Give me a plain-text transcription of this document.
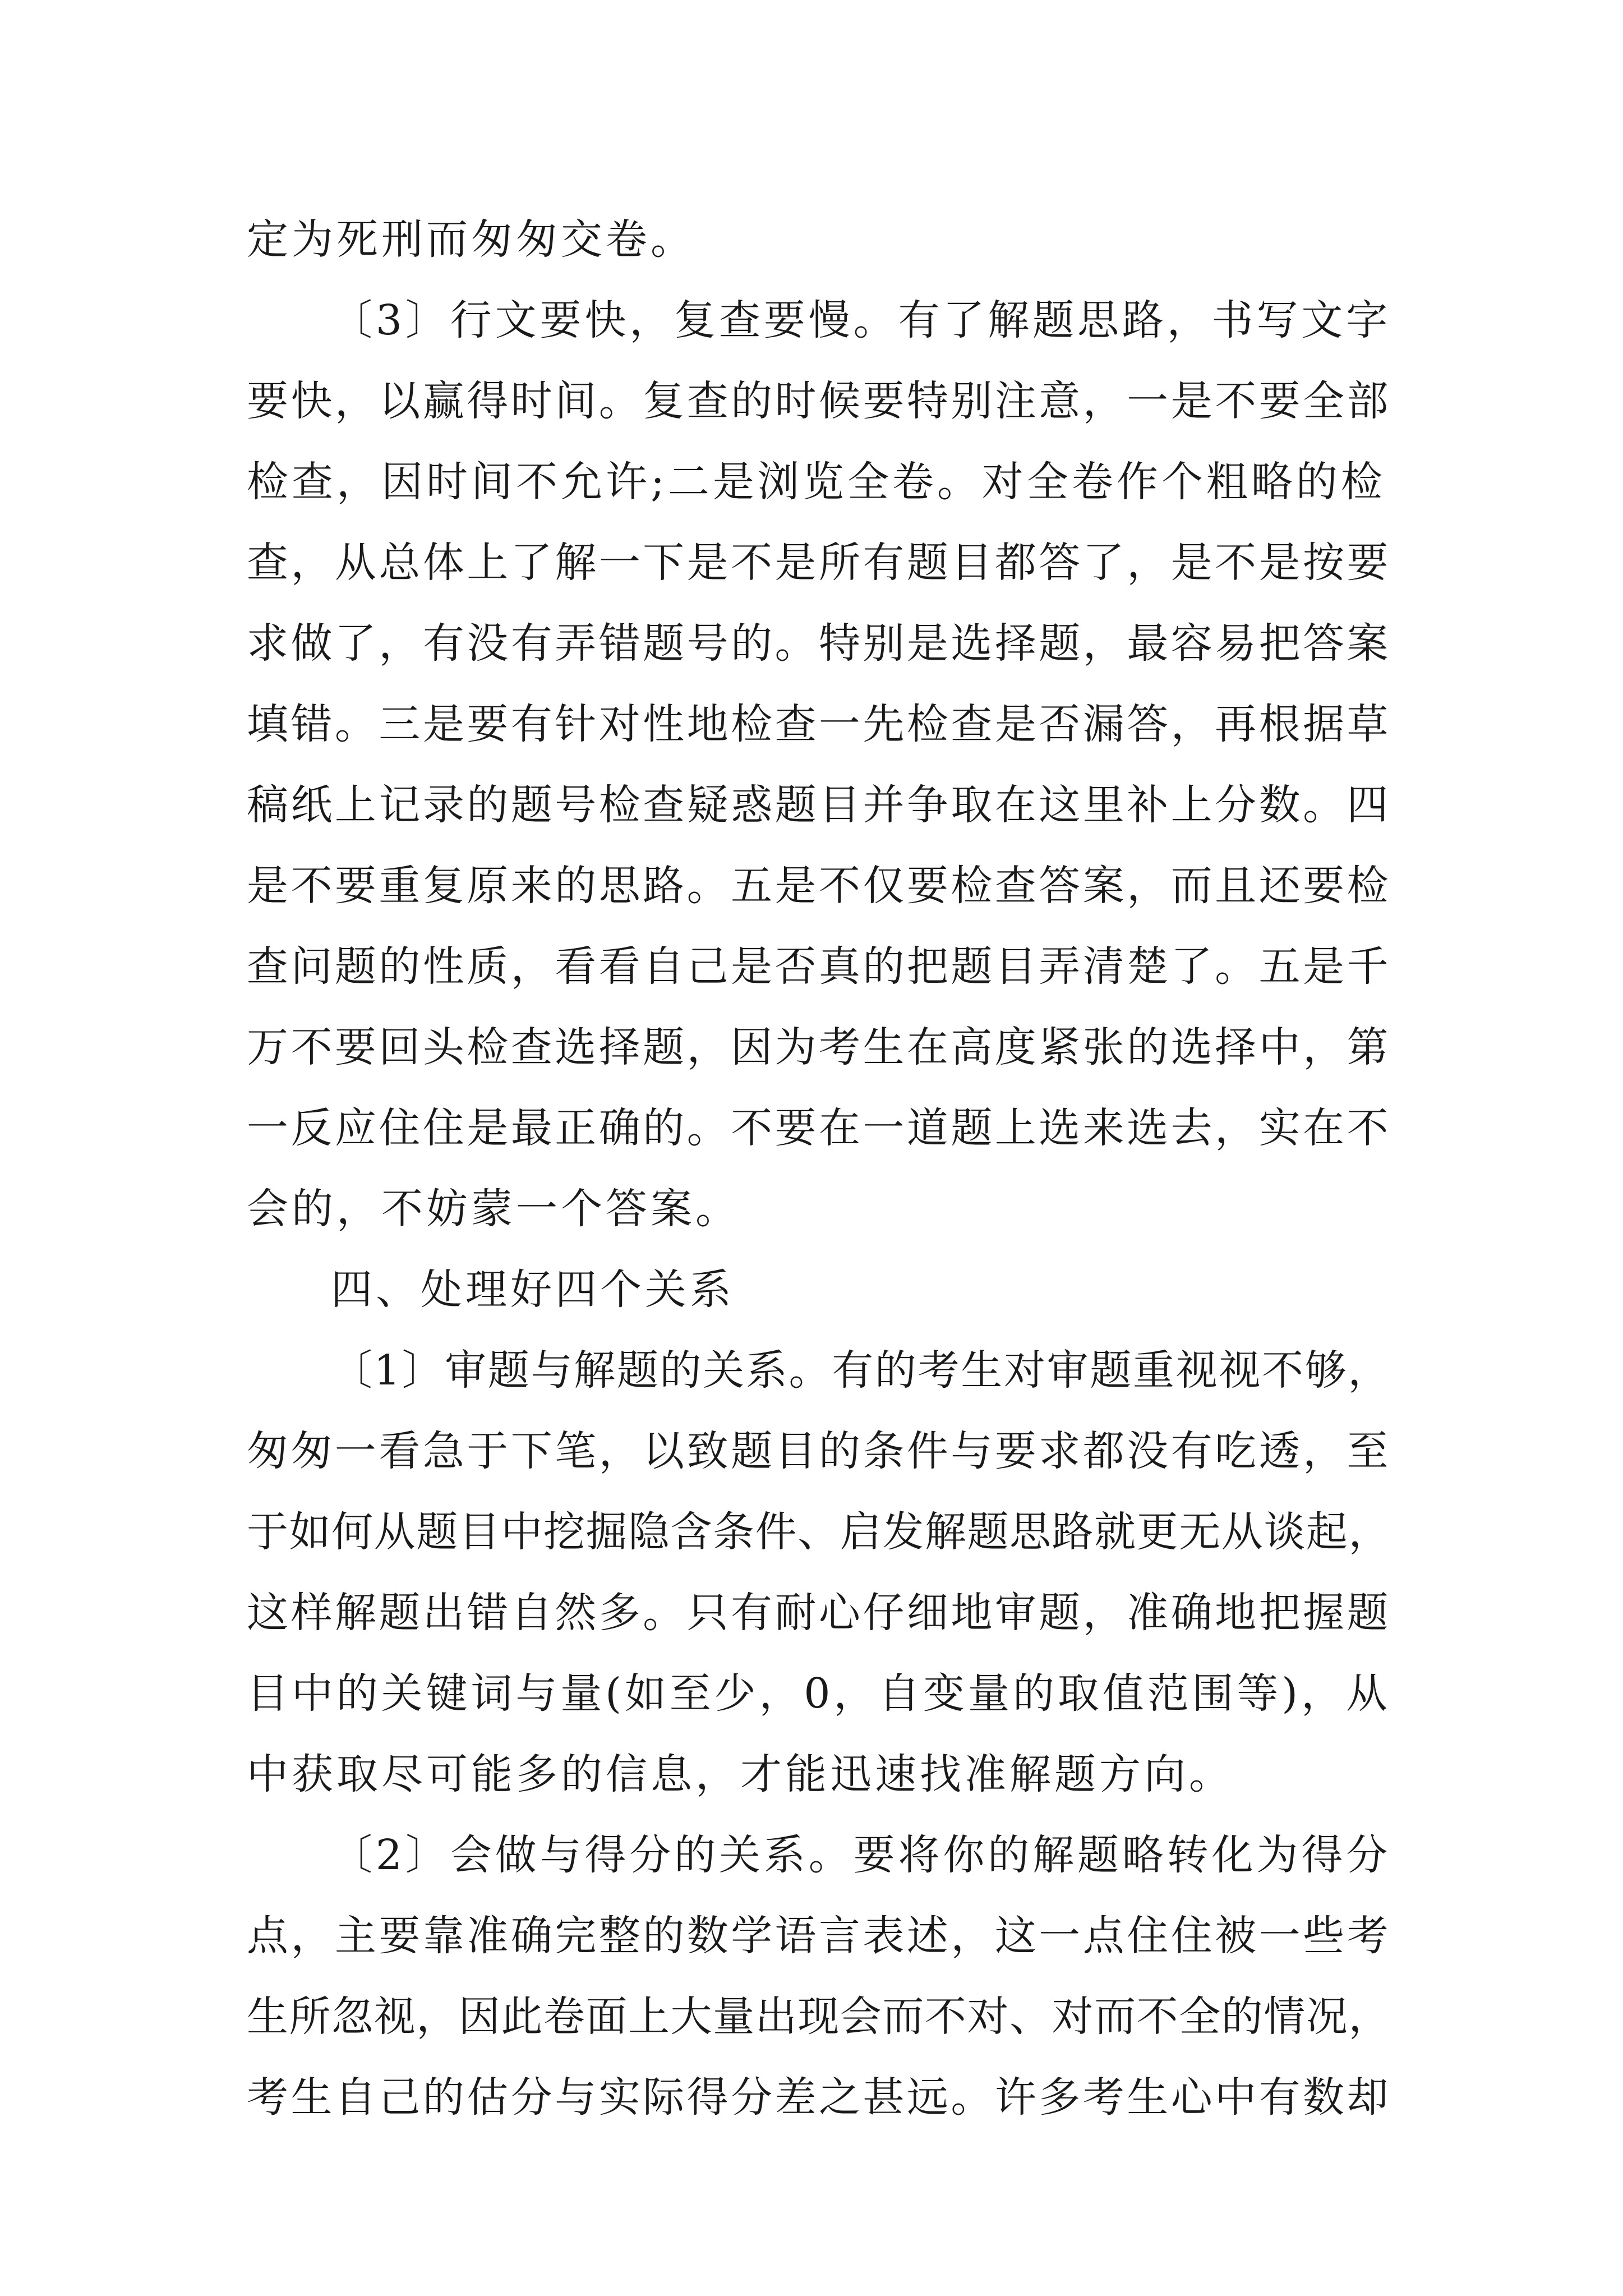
定为死刑而匆匆交卷。
〔3〕行文要快，复查要慢。有了解题思路，书写文字
要快，以赢得时间。复查的时候要特别注意，一是不要全部
检查，因时间不允许;二是浏览全卷。对全卷作个粗略的检
查，从总体上了解一下是不是所有题目都答了，是不是按要
求做了，有没有弄错题号的。特别是选择题，最容易把答案
填错。三是要有针对性地检查一先检查是否漏答，再根据草
稿纸上记录的题号检查疑惑题目并争取在这里补上分数。四
是不要重复原来的思路。五是不仅要检查答案，而且还要检
查问题的性质，看看自己是否真的把题目弄清楚了。五是千
万不要回头检查选择题，因为考生在高度紧张的选择中，第
一反应住住是最正确的。不要在一道题上选来选去，实在不
会的，不妨蒙一个答案。
四、处理好四个关系
〔1〕审题与解题的关系。有的考生对审题重视视不够，
匆匆一看急于下笔，以致题目的条件与要求都没有吃透，至
于如何从题目中挖掘隐含条件、启发解题思路就更无从谈起，
这样解题出错自然多。只有耐心仔细地审题，准确地把握题
目中的关键词与量(如至少，0，自变量的取值范围等)，从
中获取尽可能多的信息，才能迅速找准解题方向。
〔2〕会做与得分的关系。要将你的解题略转化为得分
点，主要靠准确完整的数学语言表述，这一点住住被一些考
生所忽视，因此卷面上大量出现会而不对、对而不全的情况，
考生自己的估分与实际得分差之甚远。许多考生心中有数却
